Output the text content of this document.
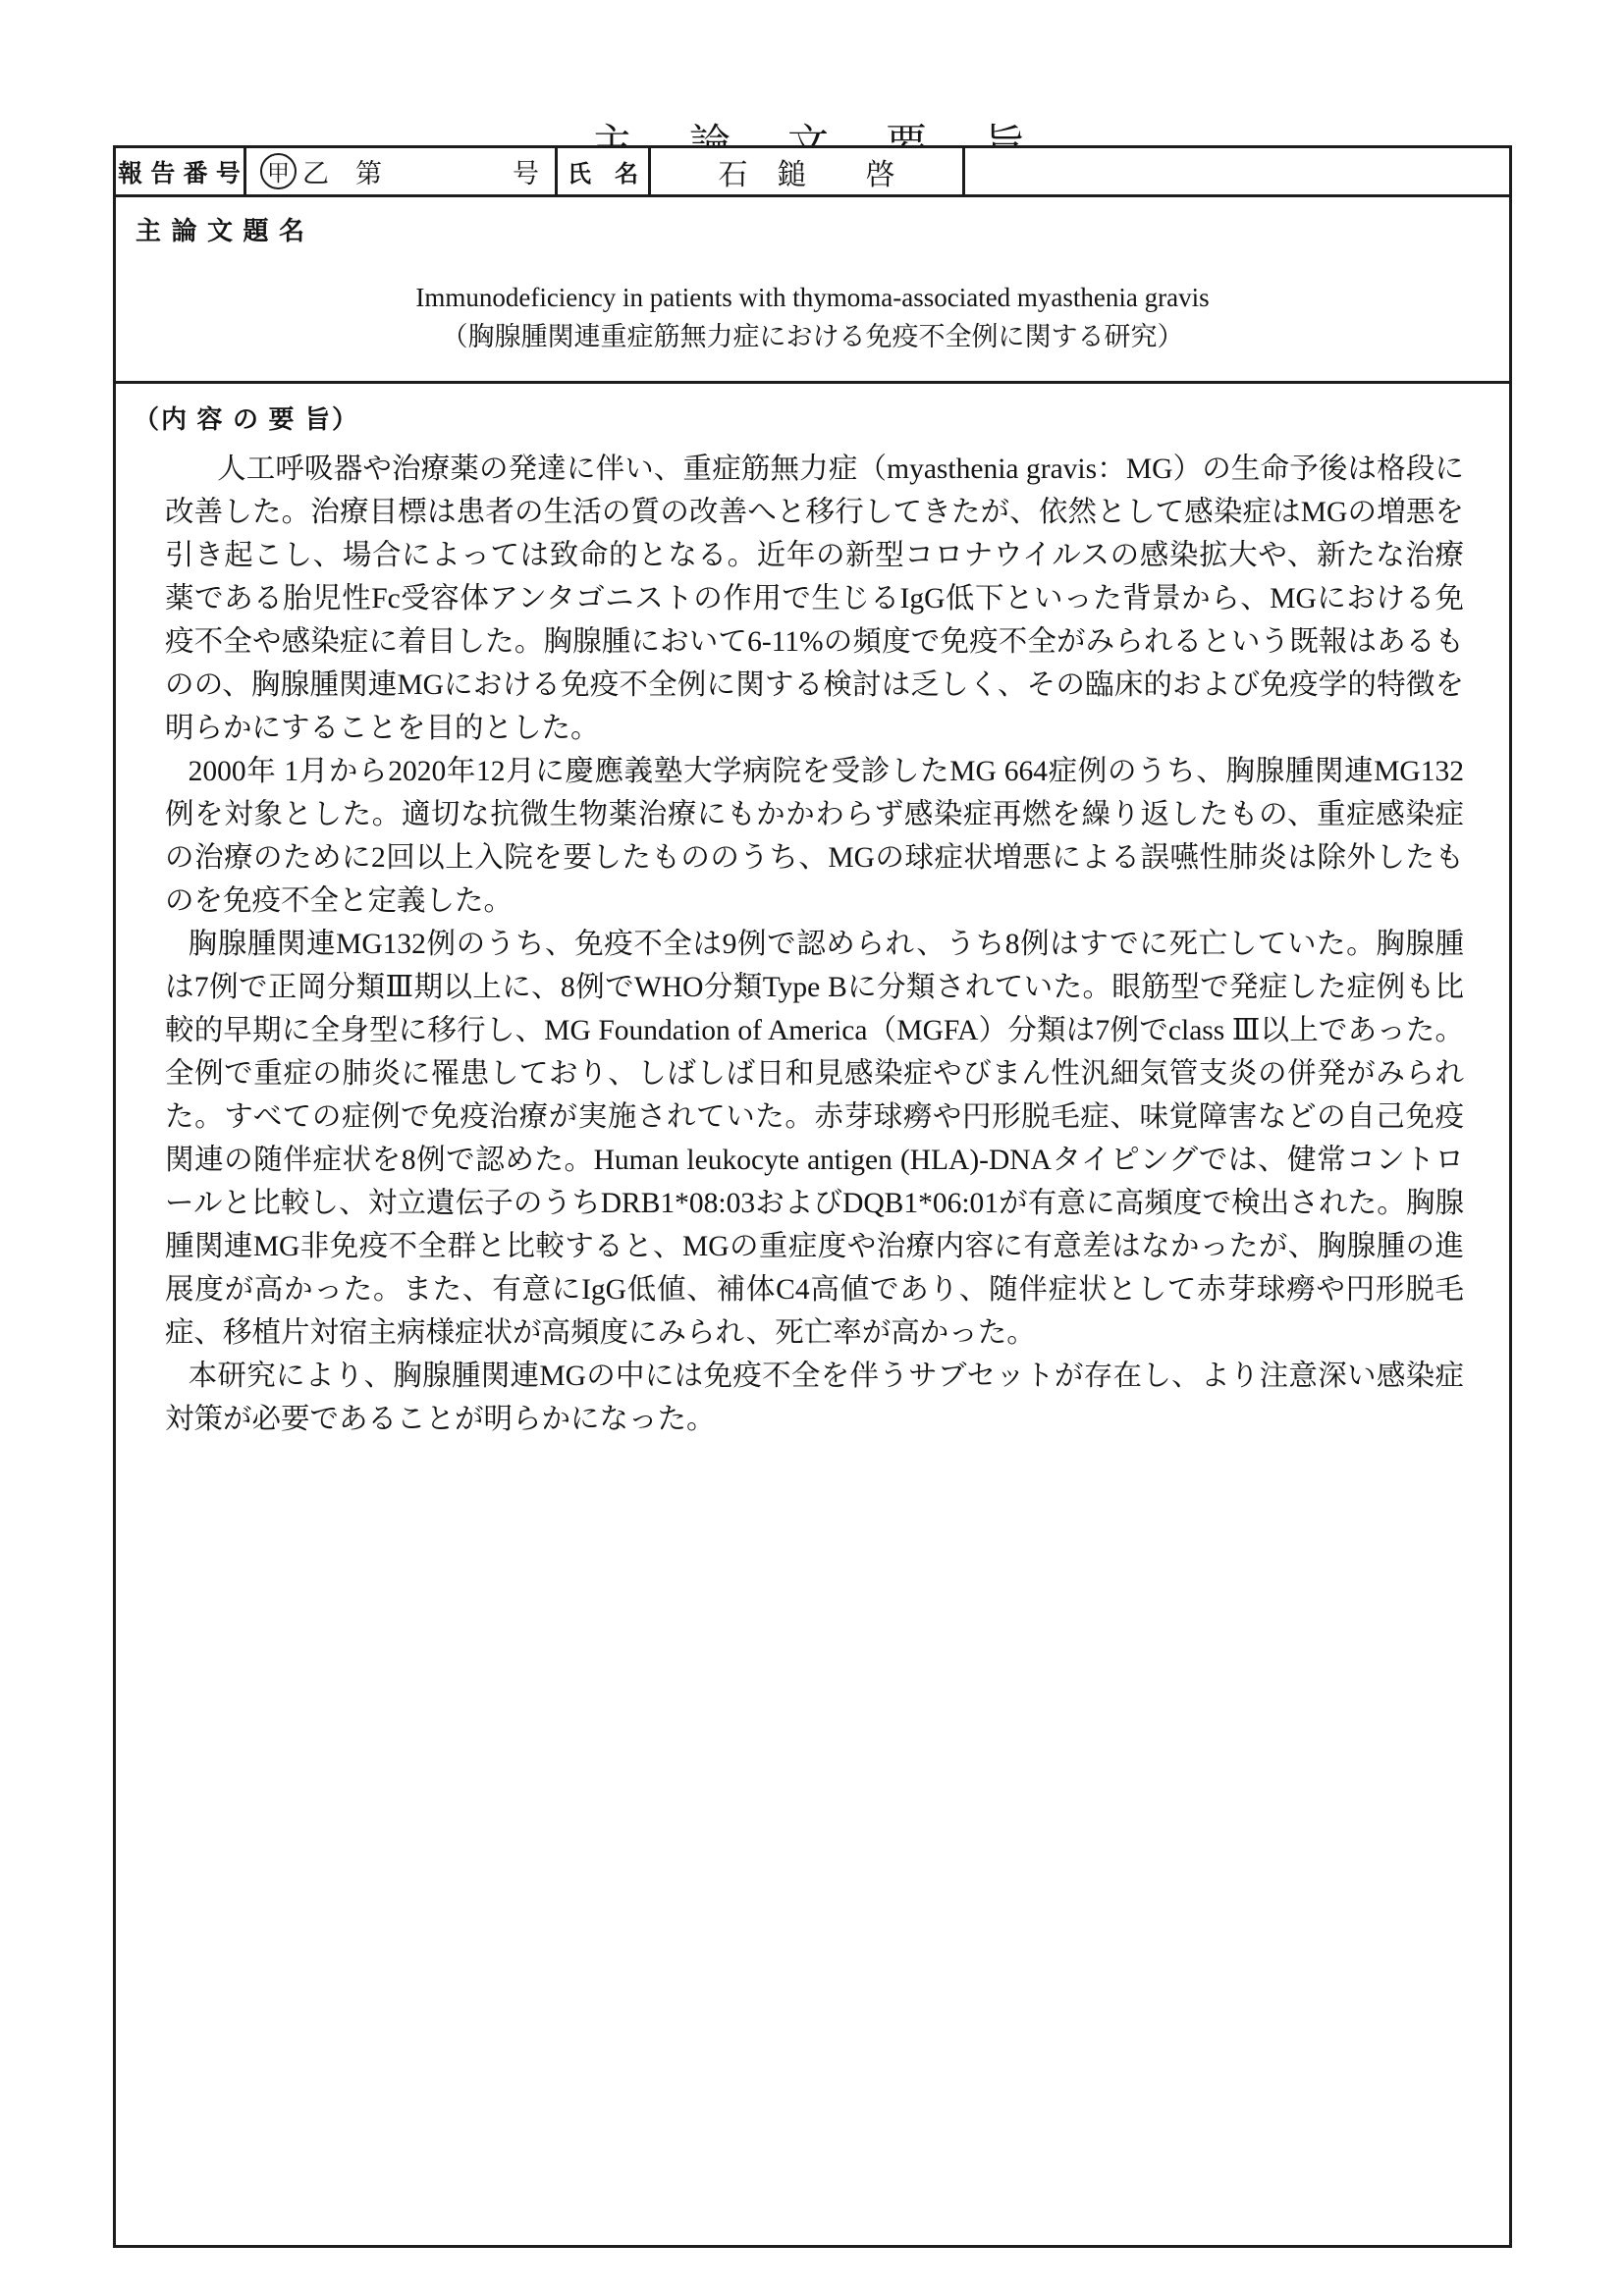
報 告 番 号	甲 乙　第	号	氏　名	石　鎚　　啓
主 論 文 題 名
Immunodeficiency in patients with thymoma-associated myasthenia gravis
（胸腺腫関連重症筋無力症における免疫不全例に関する研究）
（内 容 の 要 旨）

人工呼吸器や治療薬の発達に伴い、重症筋無力症（myasthenia gravis：MG）の生命予後は格段に改善した。治療目標は患者の生活の質の改善へと移行してきたが、依然として感染症はMGの増悪を引き起こし、場合によっては致命的となる。近年の新型コロナウイルスの感染拡大や、新たな治療薬である胎児性Fc受容体アンタゴニストの作用で生じるIgG低下といった背景から、MGにおける免疫不全や感染症に着目した。胸腺腫において6-11%の頻度で免疫不全がみられるという既報はあるものの、胸腺腫関連MGにおける免疫不全例に関する検討は乏しく、その臨床的および免疫学的特徴を明らかにすることを目的とした。

2000年 1月から2020年12月に慶應義塾大学病院を受診したMG 664症例のうち、胸腺腫関連MG132例を対象とした。適切な抗微生物薬治療にもかかわらず感染症再燃を繰り返したもの、重症感染症の治療のために2回以上入院を要したもののうち、MGの球症状増悪による誤嚥性肺炎は除外したものを免疫不全と定義した。

胸腺腫関連MG132例のうち、免疫不全は9例で認められ、うち8例はすでに死亡していた。胸腺腫は7例で正岡分類Ⅲ期以上に、8例でWHO分類Type Bに分類されていた。眼筋型で発症した症例も比較的早期に全身型に移行し、MG Foundation of America（MGFA）分類は7例でclass Ⅲ以上であった。全例で重症の肺炎に罹患しており、しばしば日和見感染症やびまん性汎細気管支炎の併発がみられた。すべての症例で免疫治療が実施されていた。赤芽球癆や円形脱毛症、味覚障害などの自己免疫関連の随伴症状を8例で認めた。Human leukocyte antigen (HLA)-DNAタイピングでは、健常コントロールと比較し、対立遺伝子のうちDRB1*08:03およびDQB1*06:01が有意に高頻度で検出された。胸腺腫関連MG非免疫不全群と比較すると、MGの重症度や治療内容に有意差はなかったが、胸腺腫の進展度が高かった。また、有意にIgG低値、補体C4高値であり、随伴症状として赤芽球癆や円形脱毛症、移植片対宿主病様症状が高頻度にみられ、死亡率が高かった。

本研究により、胸腺腫関連MGの中には免疫不全を伴うサブセットが存在し、より注意深い感染症対策が必要であることが明らかになった。
